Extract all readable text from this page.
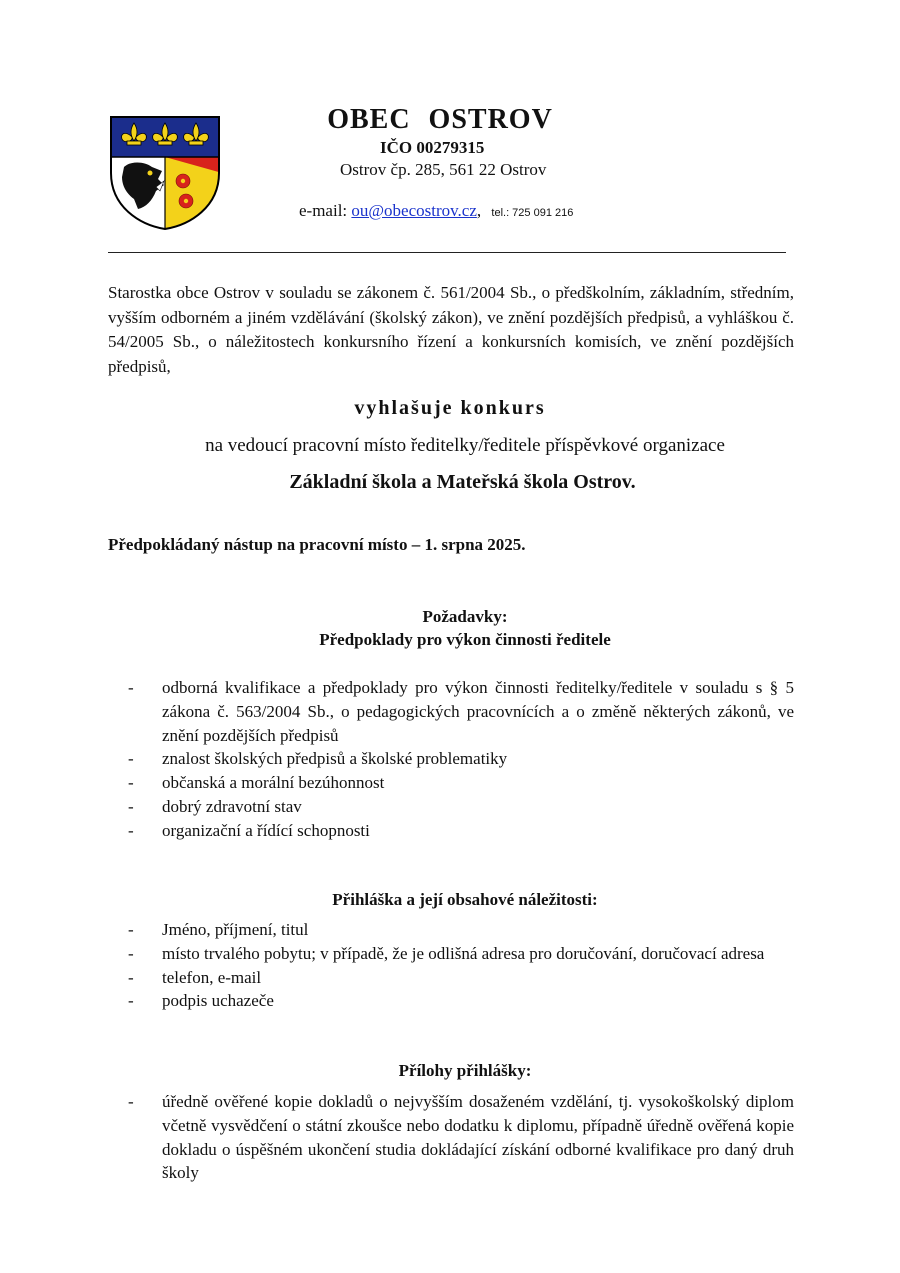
OBEC OSTROV
IČO 00279315
Ostrov čp. 285, 561 22 Ostrov
e-mail: ou@obecostrov.cz, tel.: 725 091 216

Starostka obce Ostrov v souladu se zákonem č. 561/2004 Sb., o předškolním, základním, středním, vyšším odborném a jiném vzdělávání (školský zákon), ve znění pozdějších předpisů, a vyhláškou č. 54/2005 Sb., o náležitostech konkursního řízení a konkursních komisích, ve znění pozdějších předpisů,

vyhlašuje konkurs

na vedoucí pracovní místo ředitelky/ředitele příspěvkové organizace

Základní škola a Mateřská škola Ostrov.

Předpokládaný nástup na pracovní místo – 1. srpna 2025.

Požadavky:
Předpoklady pro výkon činnosti ředitele
- odborná kvalifikace a předpoklady pro výkon činnosti ředitelky/ředitele v souladu s § 5 zákona č. 563/2004 Sb., o pedagogických pracovnících a o změně některých zákonů, ve znění pozdějších předpisů
- znalost školských předpisů a školské problematiky
- občanská a morální bezúhonnost
- dobrý zdravotní stav
- organizační a řídící schopnosti
Přihláška a její obsahové náležitosti:
- Jméno, příjmení, titul
- místo trvalého pobytu; v případě, že je odlišná adresa pro doručování, doručovací adresa
- telefon, e-mail
- podpis uchazeče
Přílohy přihlášky:
- úředně ověřené kopie dokladů o nejvyšším dosaženém vzdělání, tj. vysokoškolský diplom včetně vysvědčení o státní zkoušce nebo dodatku k diplomu, případně úředně ověřená kopie dokladu o úspěšném ukončení studia dokládající získání odborné kvalifikace pro daný druh školy
